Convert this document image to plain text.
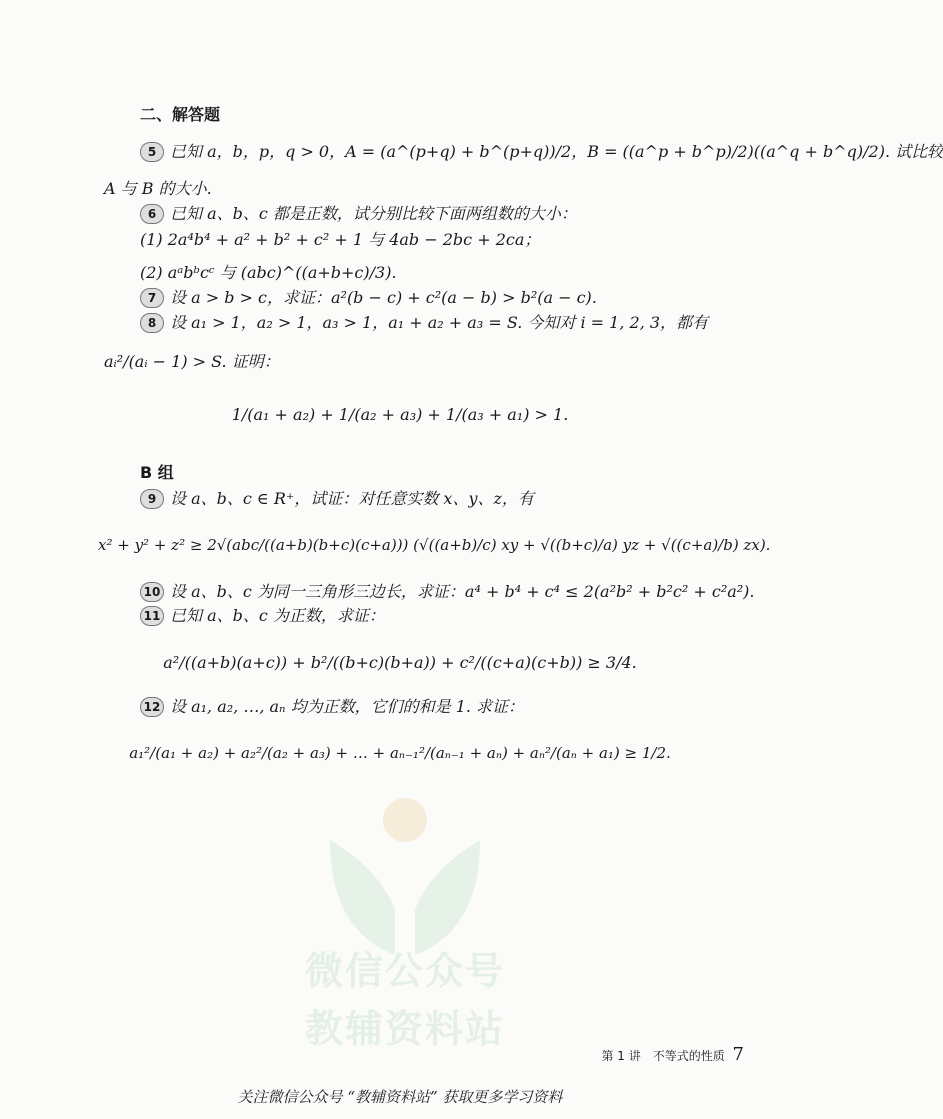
二、解答题
5 已知 a，b，p，q > 0，A = (a^(p+q) + b^(p+q))/2，B = ((a^p + b^p)/2)((a^q + b^q)/2). 试比较
A 与 B 的大小.
6 已知 a、b、c 都是正数，试分别比较下面两组数的大小：
(1) 2a⁴b⁴ + a² + b² + c² + 1 与 4ab − 2bc + 2ca；
(2) aᵃbᵇcᶜ 与 (abc)^((a+b+c)/3).
7 设 a > b > c，求证：a²(b − c) + c²(a − b) > b²(a − c).
8 设 a₁ > 1，a₂ > 1，a₃ > 1，a₁ + a₂ + a₃ = S. 今知对 i = 1, 2, 3，都有
aᵢ²/(aᵢ − 1) > S. 证明：
1/(a₁ + a₂) + 1/(a₂ + a₃) + 1/(a₃ + a₁) > 1.
B 组
9 设 a、b、c ∈ R⁺，试证：对任意实数 x、y、z，有
x² + y² + z² ≥ 2√(abc/((a+b)(b+c)(c+a))) (√((a+b)/c) xy + √((b+c)/a) yz + √((c+a)/b) zx).
10 设 a、b、c 为同一三角形三边长，求证：a⁴ + b⁴ + c⁴ ≤ 2(a²b² + b²c² + c²a²).
11 已知 a、b、c 为正数，求证：
a²/((a+b)(a+c)) + b²/((b+c)(b+a)) + c²/((c+a)(c+b)) ≥ 3/4.
12 设 a₁, a₂, …, aₙ 均为正数，它们的和是 1. 求证：
a₁²/(a₁ + a₂) + a₂²/(a₂ + a₃) + … + aₙ₋₁²/(aₙ₋₁ + aₙ) + aₙ²/(aₙ + a₁) ≥ 1/2.
微信公众号
教辅资料站
第 1 讲　不等式的性质 7
关注微信公众号 “教辅资料站” 获取更多学习资料
